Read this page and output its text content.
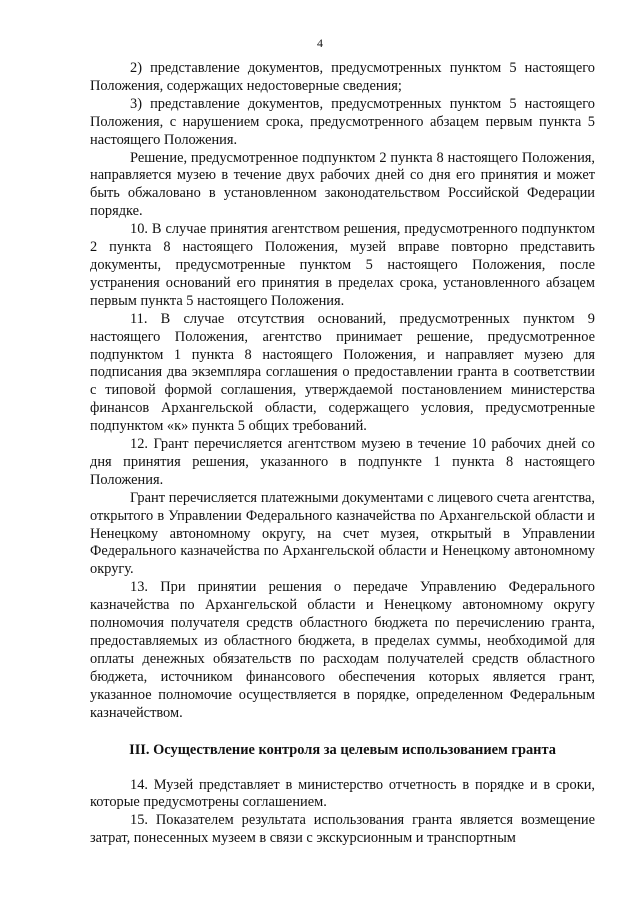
4

2) представление документов, предусмотренных пунктом 5 настоящего Положения, содержащих недостоверные сведения;

3) представление документов, предусмотренных пунктом 5 настоящего Положения, с нарушением срока, предусмотренного абзацем первым пункта 5 настоящего Положения.

Решение, предусмотренное подпунктом 2 пункта 8 настоящего Положения, направляется музею в течение двух рабочих дней со дня его принятия и может быть обжаловано в установленном законодательством Российской Федерации порядке.

10. В случае принятия агентством решения, предусмотренного подпунктом 2 пункта 8 настоящего Положения, музей вправе повторно представить документы, предусмотренные пунктом 5 настоящего Положения, после устранения оснований его принятия в пределах срока, установленного абзацем первым пункта 5 настоящего Положения.

11. В случае отсутствия оснований, предусмотренных пунктом 9 настоящего Положения, агентство принимает решение, предусмотренное подпунктом 1 пункта 8 настоящего Положения, и направляет музею для подписания два экземпляра соглашения о предоставлении гранта в соответствии с типовой формой соглашения, утверждаемой постановлением министерства финансов Архангельской области, содержащего условия, предусмотренные подпунктом «к» пункта 5 общих требований.

12. Грант перечисляется агентством музею в течение 10 рабочих дней со дня принятия решения, указанного в подпункте 1 пункта 8 настоящего Положения.

Грант перечисляется платежными документами с лицевого счета агентства, открытого в Управлении Федерального казначейства по Архангельской области и Ненецкому автономному округу, на счет музея, открытый в Управлении Федерального казначейства по Архангельской области и Ненецкому автономному округу.

13. При принятии решения о передаче Управлению Федерального казначейства по Архангельской области и Ненецкому автономному округу полномочия получателя средств областного бюджета по перечислению гранта, предоставляемых из областного бюджета, в пределах суммы, необходимой для оплаты денежных обязательств по расходам получателей средств областного бюджета, источником финансового обеспечения которых является грант, указанное полномочие осуществляется в порядке, определенном Федеральным казначейством.

III. Осуществление контроля за целевым использованием гранта

14. Музей представляет в министерство отчетность в порядке и в сроки, которые предусмотрены соглашением.

15. Показателем результата использования гранта является возмещение затрат, понесенных музеем в связи с экскурсионным и транспортным
